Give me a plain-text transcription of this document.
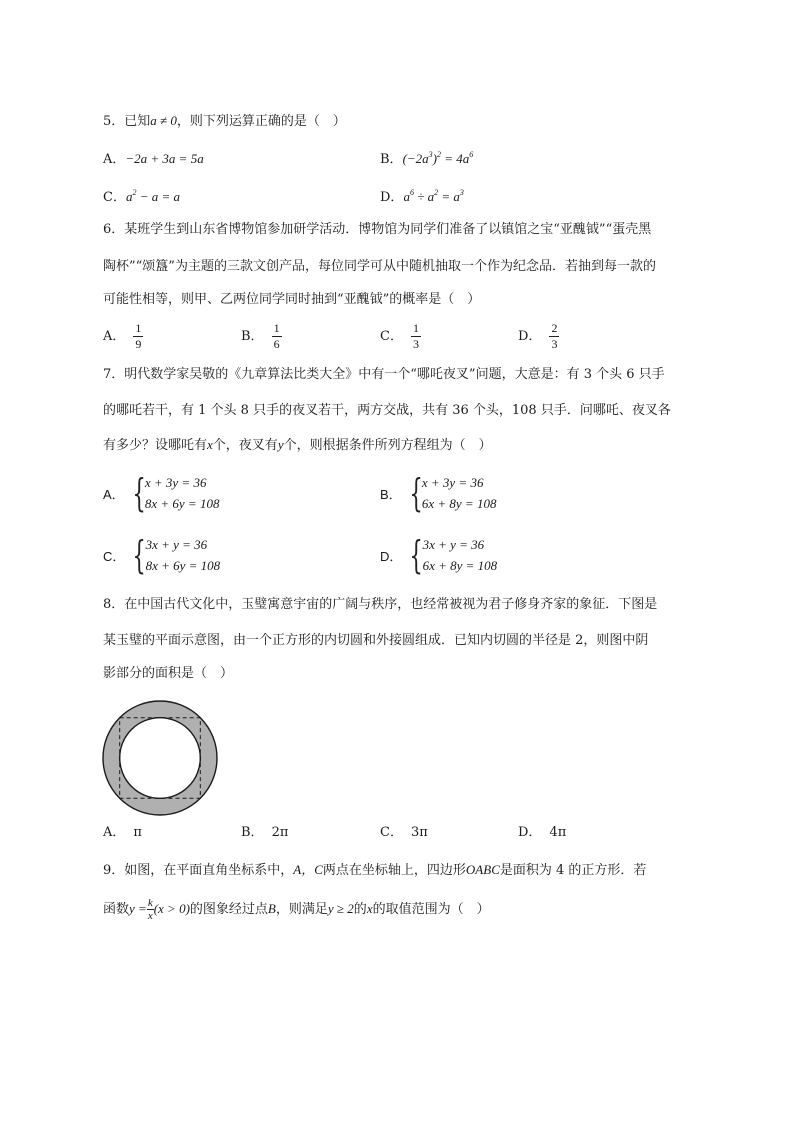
5．已知a ≠ 0，则下列运算正确的是（　）
A．−2a + 3a = 5a	B．$(-2a^3)^2 = 4a^6$
C．$a^2 - a = a$	D．$a^6 \div a^2 = a^3$
6．某班学生到山东省博物馆参加研学活动．博物馆为同学们准备了以镇馆之宝“亚醜钺”“蛋壳黑
陶杯”“颂簋”为主题的三款文创产品，每位同学可从中随机抽取一个作为纪念品．若抽到每一款的
可能性相等，则甲、乙两位同学同时抽到“亚醜钺”的概率是（　）
A． $\frac{1}{9}$	B． $\frac{1}{6}$	C． $\frac{1}{3}$	D． $\frac{2}{3}$
7．明代数学家吴敬的《九章算法比类大全》中有一个“哪吒夜叉”问题，大意是：有 3 个头 6 只手
的哪吒若干，有 1 个头 8 只手的夜叉若干，两方交战，共有 36 个头，108 只手．问哪吒、夜叉各
有多少？设哪吒有x个，夜叉有y个，则根据条件所列方程组为（　）
A． { x + 3y = 36
8x + 6y = 108
B． { x + 3y = 36
6x + 8y = 108
C． { 3x + y = 36
8x + 6y = 108
D． { 3x + y = 36
6x + 8y = 108
8．在中国古代文化中，玉璧寓意宇宙的广阔与秩序，也经常被视为君子修身齐家的象征．下图是
某玉璧的平面示意图，由一个正方形的内切圆和外接圆组成．已知内切圆的半径是 2，则图中阴
影部分的面积是（　）
A． π	B． 2π	C． 3π	D． 4π
9．如图，在平面直角坐标系中，A，C两点在坐标轴上，四边形OABC是面积为 4 的正方形．若
函数$y = \frac{k}{x} (x > 0)$的图象经过点B，则满足y ≥ 2的x的取值范围为（　）
